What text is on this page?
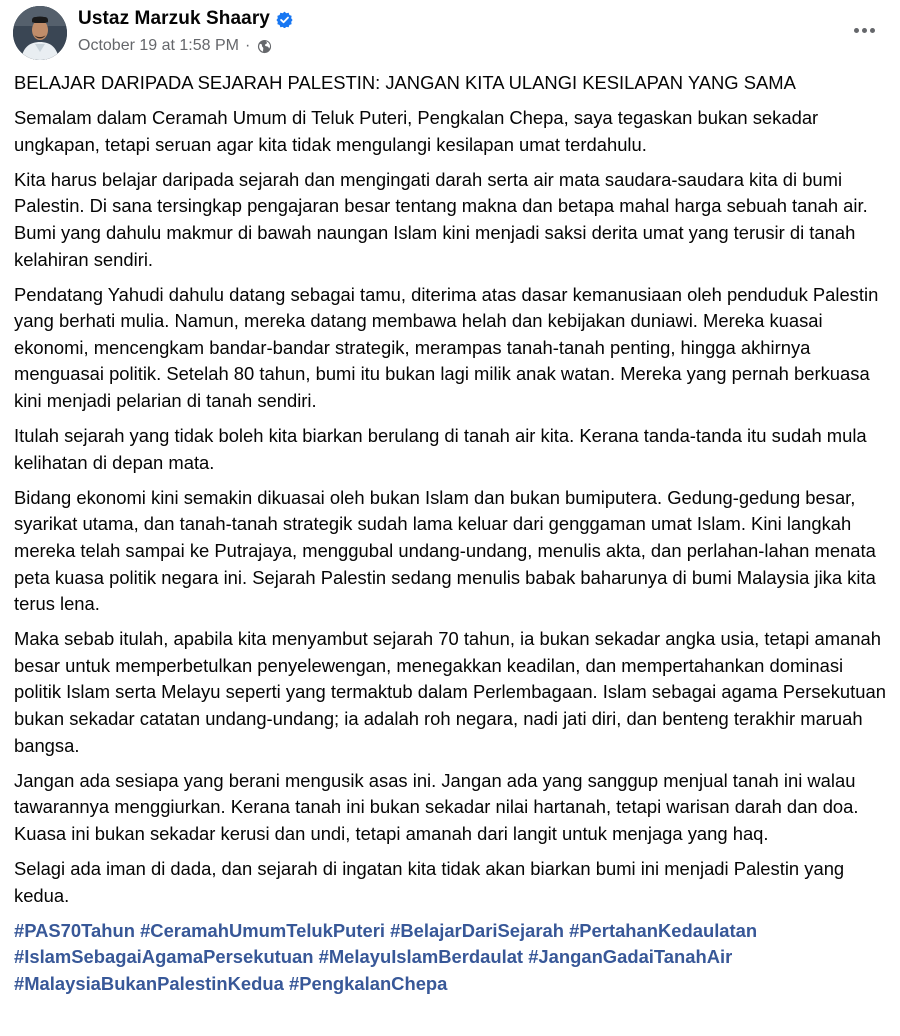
Ustaz Marzuk Shaary
October 19 at 1:58 PM ·

BELAJAR DARIPADA SEJARAH PALESTIN: JANGAN KITA ULANGI KESILAPAN YANG SAMA

Semalam dalam Ceramah Umum di Teluk Puteri, Pengkalan Chepa, saya tegaskan bukan sekadar ungkapan, tetapi seruan agar kita tidak mengulangi kesilapan umat terdahulu.

Kita harus belajar daripada sejarah dan mengingati darah serta air mata saudara-saudara kita di bumi Palestin. Di sana tersingkap pengajaran besar tentang makna dan betapa mahal harga sebuah tanah air. Bumi yang dahulu makmur di bawah naungan Islam kini menjadi saksi derita umat yang terusir di tanah kelahiran sendiri.

Pendatang Yahudi dahulu datang sebagai tamu, diterima atas dasar kemanusiaan oleh penduduk Palestin yang berhati mulia. Namun, mereka datang membawa helah dan kebijakan duniawi. Mereka kuasai ekonomi, mencengkam bandar-bandar strategik, merampas tanah-tanah penting, hingga akhirnya menguasai politik. Setelah 80 tahun, bumi itu bukan lagi milik anak watan. Mereka yang pernah berkuasa kini menjadi pelarian di tanah sendiri.

Itulah sejarah yang tidak boleh kita biarkan berulang di tanah air kita. Kerana tanda-tanda itu sudah mula kelihatan di depan mata.

Bidang ekonomi kini semakin dikuasai oleh bukan Islam dan bukan bumiputera. Gedung-gedung besar, syarikat utama, dan tanah-tanah strategik sudah lama keluar dari genggaman umat Islam. Kini langkah mereka telah sampai ke Putrajaya, menggubal undang-undang, menulis akta, dan perlahan-lahan menata peta kuasa politik negara ini. Sejarah Palestin sedang menulis babak baharunya di bumi Malaysia jika kita terus lena.

Maka sebab itulah, apabila kita menyambut sejarah 70 tahun, ia bukan sekadar angka usia, tetapi amanah besar untuk memperbetulkan penyelewengan, menegakkan keadilan, dan mempertahankan dominasi politik Islam serta Melayu seperti yang termaktub dalam Perlembagaan. Islam sebagai agama Persekutuan bukan sekadar catatan undang-undang; ia adalah roh negara, nadi jati diri, dan benteng terakhir maruah bangsa.

Jangan ada sesiapa yang berani mengusik asas ini. Jangan ada yang sanggup menjual tanah ini walau tawarannya menggiurkan. Kerana tanah ini bukan sekadar nilai hartanah, tetapi warisan darah dan doa.

Kuasa ini bukan sekadar kerusi dan undi, tetapi amanah dari langit untuk menjaga yang haq.

Selagi ada iman di dada, dan sejarah di ingatan kita tidak akan biarkan bumi ini menjadi Palestin yang kedua.

#PAS70Tahun #CeramahUmumTelukPuteri #BelajarDariSejarah #PertahanKedaulatan #IslamSebagaiAgamaPersekutuan #MelayuIslamBerdaulat #JanganGadaiTanahAir #MalaysiaBukanPalestinKedua #PengkalanChepa
